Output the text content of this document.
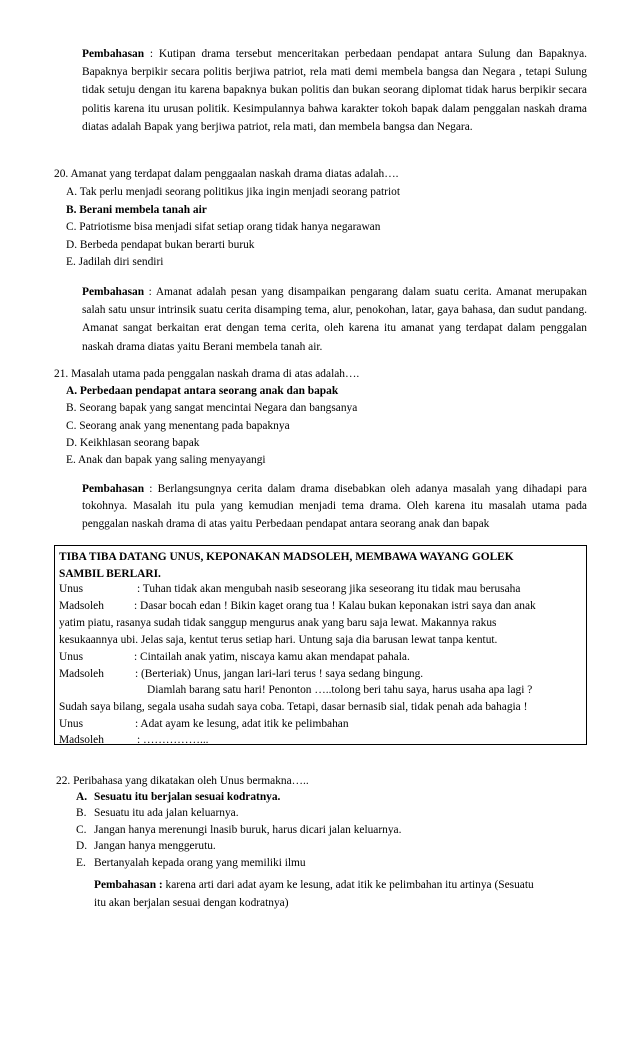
Pembahasan : Kutipan drama tersebut menceritakan perbedaan pendapat antara Sulung dan Bapaknya. Bapaknya berpikir secara politis berjiwa patriot, rela mati demi membela bangsa dan Negara , tetapi Sulung tidak setuju dengan itu karena bapaknya bukan politis dan bukan seorang diplomat tidak harus berpikir secara politis karena itu urusan politik. Kesimpulannya bahwa karakter tokoh bapak dalam penggalan naskah drama diatas adalah Bapak yang berjiwa patriot, rela mati, dan membela bangsa dan Negara.
20. Amanat yang terdapat dalam penggaalan naskah drama diatas adalah….
A. Tak perlu menjadi seorang politikus jika ingin menjadi seorang patriot
B. Berani membela tanah air
C. Patriotisme bisa menjadi sifat setiap orang tidak hanya negarawan
D. Berbeda pendapat bukan berarti buruk
E. Jadilah diri sendiri
Pembahasan : Amanat adalah pesan yang disampaikan pengarang dalam suatu cerita. Amanat merupakan salah satu unsur intrinsik suatu cerita disamping tema, alur, penokohan, latar, gaya bahasa, dan sudut pandang. Amanat sangat berkaitan erat dengan tema cerita, oleh karena itu amanat yang terdapat dalam penggalan naskah drama diatas yaitu Berani membela tanah air.
21. Masalah utama pada penggalan naskah drama di atas adalah….
A. Perbedaan pendapat antara seorang anak dan bapak
B. Seorang bapak yang sangat mencintai Negara dan bangsanya
C. Seorang anak yang menentang pada bapaknya
D. Keikhlasan seorang bapak
E. Anak dan bapak yang saling menyayangi
Pembahasan : Berlangsungnya cerita dalam drama disebabkan oleh adanya masalah yang dihadapi para tokohnya. Masalah itu pula yang kemudian menjadi tema drama. Oleh karena itu masalah utama pada penggalan naskah drama di atas yaitu Perbedaan pendapat antara seorang anak dan bapak
TIBA TIBA DATANG UNUS, KEPONAKAN MADSOLEH, MEMBAWA WAYANG GOLEK
SAMBIL BERLARI.
Unus	: Tuhan tidak akan mengubah nasib seseorang jika seseorang itu tidak mau berusaha
Madsoleh	: Dasar bocah edan ! Bikin kaget orang tua ! Kalau bukan keponakan istri saya dan anak
yatim piatu, rasanya sudah tidak sanggup mengurus anak yang baru saja lewat. Makannya rakus
kesukaannya ubi. Jelas saja, kentut terus setiap hari. Untung saja dia barusan lewat tanpa kentut.
Unus	: Cintailah anak yatim, niscaya kamu akan mendapat pahala.
Madsoleh	: (Berteriak) Unus, jangan lari-lari terus ! saya sedang bingung.
Diamlah barang satu hari! Penonton …..tolong beri tahu saya, harus usaha apa lagi ?
Sudah saya bilang, segala usaha sudah saya coba. Tetapi, dasar bernasib sial, tidak penah ada bahagia !
Unus	: Adat ayam ke lesung, adat itik ke pelimbahan
Madsoleh	: ……………...
22. Peribahasa yang dikatakan oleh Unus bermakna…..
A. Sesuatu itu berjalan sesuai kodratnya.
B. Sesuatu itu ada jalan keluarnya.
C. Jangan hanya merenungi lnasib buruk, harus dicari jalan keluarnya.
D. Jangan hanya menggerutu.
E. Bertanyalah kepada orang yang memiliki ilmu
Pembahasan : karena arti dari adat ayam ke lesung, adat itik ke pelimbahan itu artinya (Sesuatu
itu akan berjalan sesuai dengan kodratnya)
